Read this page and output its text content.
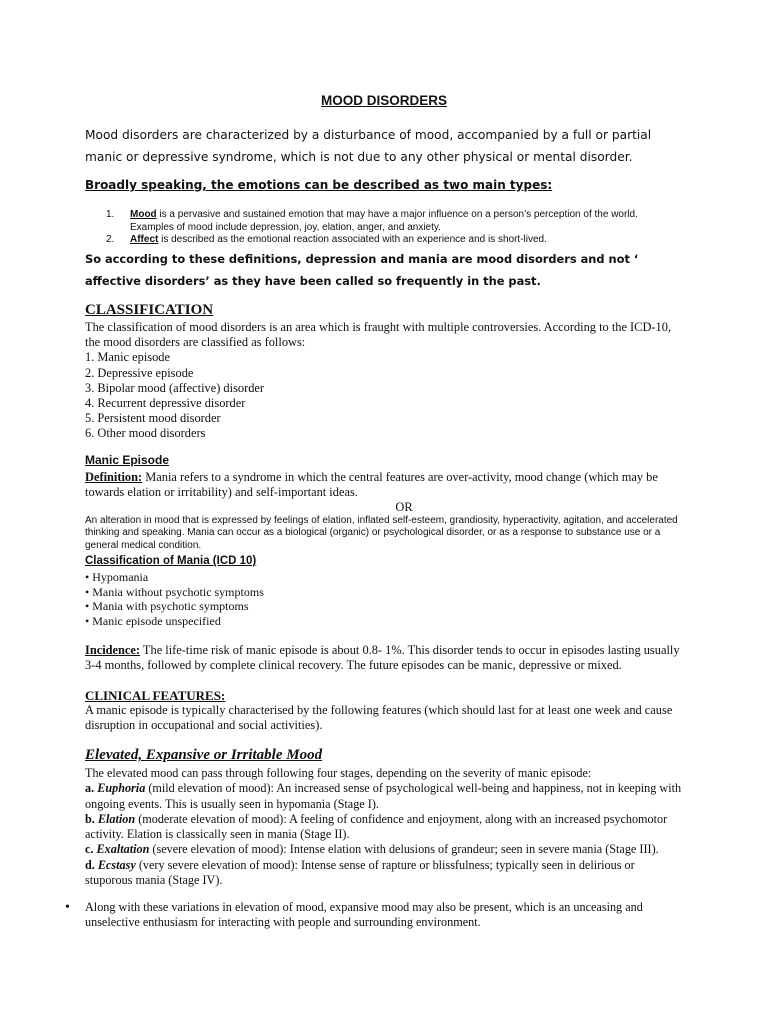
MOOD DISORDERS
Mood disorders are characterized by a disturbance of mood, accompanied by a full or partial manic or depressive syndrome, which is not due to any other physical or mental disorder.
Broadly speaking, the emotions can be described as two main types:
1. Mood is a pervasive and sustained emotion that may have a major influence on a person’s perception of the world. Examples of mood include depression, joy, elation, anger, and anxiety.
2. Affect is described as the emotional reaction associated with an experience and is short-lived.
So according to these definitions, depression and mania are mood disorders and not ‘ affective disorders’ as they have been called so frequently in the past.
CLASSIFICATION
The classification of mood disorders is an area which is fraught with multiple controversies. According to the ICD-10, the mood disorders are classified as follows:
1. Manic episode
2. Depressive episode
3. Bipolar mood (affective) disorder
4. Recurrent depressive disorder
5. Persistent mood disorder
6. Other mood disorders
Manic Episode
Definition: Mania refers to a syndrome in which the central features are over-activity, mood change (which may be towards elation or irritability) and self-important ideas.
OR
An alteration in mood that is expressed by feelings of elation, inflated self-esteem, grandiosity, hyperactivity, agitation, and accelerated thinking and speaking. Mania can occur as a biological (organic) or psychological disorder, or as a response to substance use or a general medical condition.
Classification of Mania (ICD 10)
• Hypomania
• Mania without psychotic symptoms
• Mania with psychotic symptoms
• Manic episode unspecified
Incidence: The life-time risk of manic episode is about 0.8- 1%. This disorder tends to occur in episodes lasting usually 3-4 months, followed by complete clinical recovery. The future episodes can be manic, depressive or mixed.
CLINICAL FEATURES:
A manic episode is typically characterised by the following features (which should last for at least one week and cause disruption in occupational and social activities).
Elevated, Expansive or Irritable Mood
The elevated mood can pass through following four stages, depending on the severity of manic episode:
a. Euphoria (mild elevation of mood): An increased sense of psychological well-being and happiness, not in keeping with ongoing events. This is usually seen in hypomania (Stage I).
b. Elation (moderate elevation of mood): A feeling of confidence and enjoyment, along with an increased psychomotor activity. Elation is classically seen in mania (Stage II).
c. Exaltation (severe elevation of mood): Intense elation with delusions of grandeur; seen in severe mania (Stage III).
d. Ecstasy (very severe elevation of mood): Intense sense of rapture or blissfulness; typically seen in delirious or stuporous mania (Stage IV).
•	Along with these variations in elevation of mood, expansive mood may also be present, which is an unceasing and unselective enthusiasm for interacting with people and surrounding environment.
